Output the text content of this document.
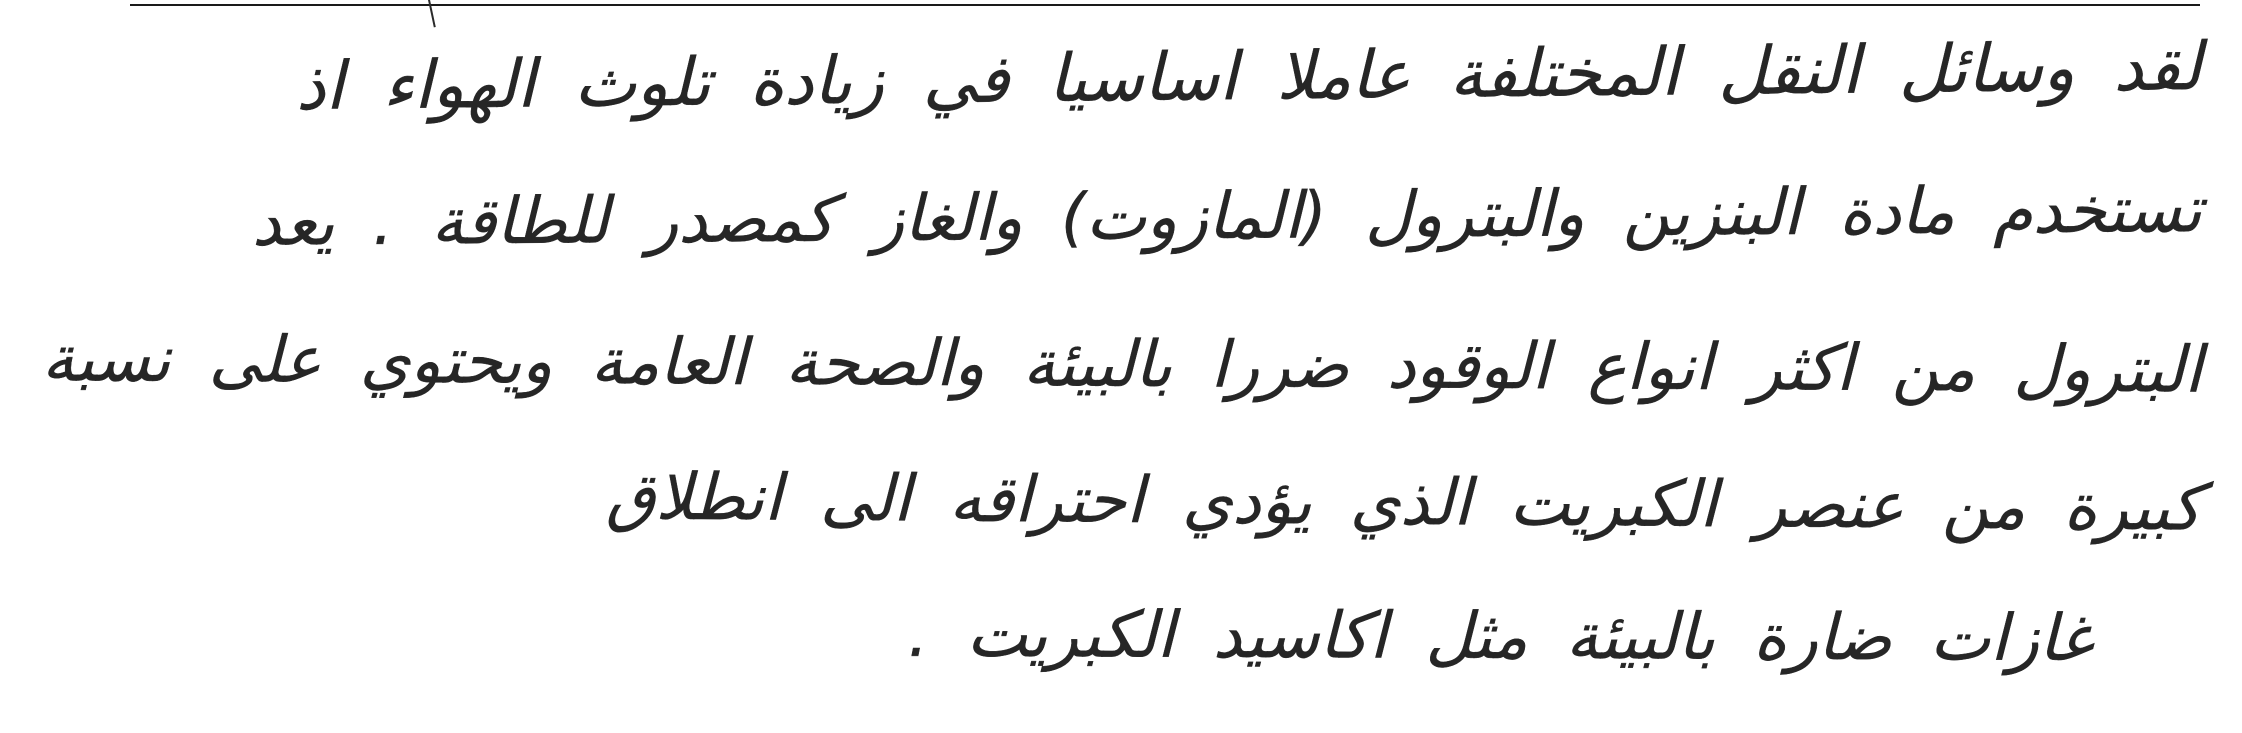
لقد وسائل النقل المختلفة عاملا اساسيا في زيادة تلوث الهواء اذ
تستخدم مادة البنزين والبترول (المازوت) والغاز كمصدر للطاقة . يعد
البترول من اكثر انواع الوقود ضررا بالبيئة والصحة العامة ويحتوي على نسبة
كبيرة من عنصر الكبريت الذي يؤدي احتراقه الى انطلاق
غازات ضارة بالبيئة مثل اكاسيد الكبريت .
